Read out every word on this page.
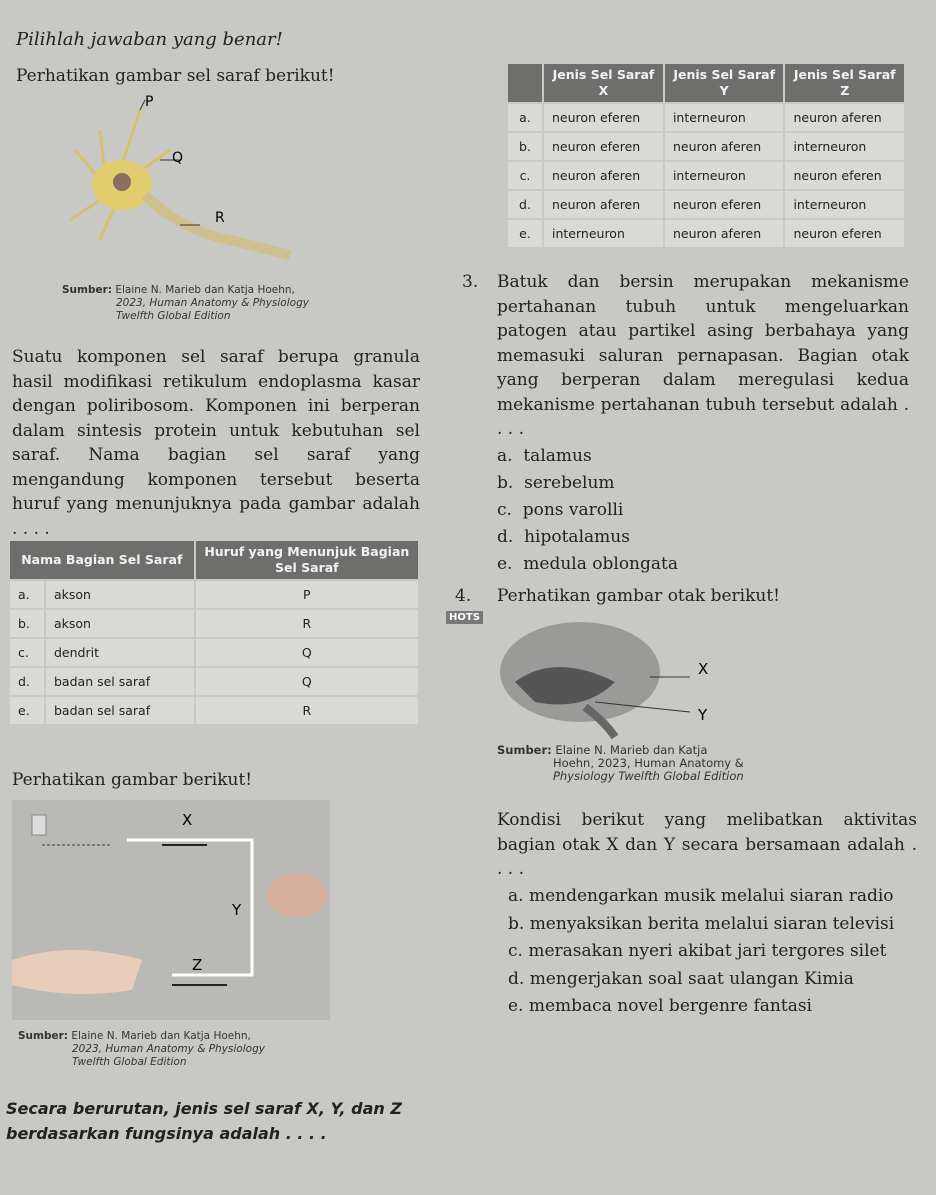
Pilihlah jawaban yang benar!
Perhatikan gambar sel saraf berikut!
P
Q
R
Sumber: Elaine N. Marieb dan Katja Hoehn,
2023, Human Anatomy & Physiology
Twelfth Global Edition
Suatu komponen sel saraf berupa granula hasil modifikasi retikulum endoplasma kasar dengan poliribosom. Komponen ini berperan dalam sintesis protein untuk kebutuhan sel saraf. Nama bagian sel saraf yang mengandung komponen tersebut beserta huruf yang menunjuknya pada gambar adalah . . . .
Nama Bagian Sel Saraf		Huruf yang Menunjuk Bagian Sel Saraf
a.	akson	P
b.	akson	R
c.	dendrit	Q
d.	badan sel saraf	Q
e.	badan sel saraf	R
Perhatikan gambar berikut!
X
Y
Z
Sumber: Elaine N. Marieb dan Katja Hoehn,
2023, Human Anatomy & Physiology
Twelfth Global Edition
Secara berurutan, jenis sel saraf X, Y, dan Z berdasarkan fungsinya adalah . . . .
	Jenis Sel Saraf X	Jenis Sel Saraf Y	Jenis Sel Saraf Z
a.	neuron eferen	interneuron	neuron aferen
b.	neuron eferen	neuron aferen	interneuron
c.	neuron aferen	interneuron	neuron eferen
d.	neuron aferen	neuron eferen	interneuron
e.	interneuron	neuron aferen	neuron eferen
3. Batuk dan bersin merupakan mekanisme pertahanan tubuh untuk mengeluarkan patogen atau partikel asing berbahaya yang memasuki saluran pernapasan. Bagian otak yang berperan dalam meregulasi kedua mekanisme pertahanan tubuh tersebut adalah . . . .
a.  talamus
b.  serebelum
c.  pons varolli
d.  hipotalamus
e.  medula oblongata
4.
HOTS
Perhatikan gambar otak berikut!
X
Y
Sumber: Elaine N. Marieb dan Katja
Hoehn, 2023, Human Anatomy &
Physiology Twelfth Global Edition
Kondisi berikut yang melibatkan aktivitas bagian otak X dan Y secara bersamaan adalah . . . .
a. mendengarkan musik melalui siaran radio
b. menyaksikan berita melalui siaran televisi
c. merasakan nyeri akibat jari tergores silet
d. mengerjakan soal saat ulangan Kimia
e. membaca novel bergenre fantasi
